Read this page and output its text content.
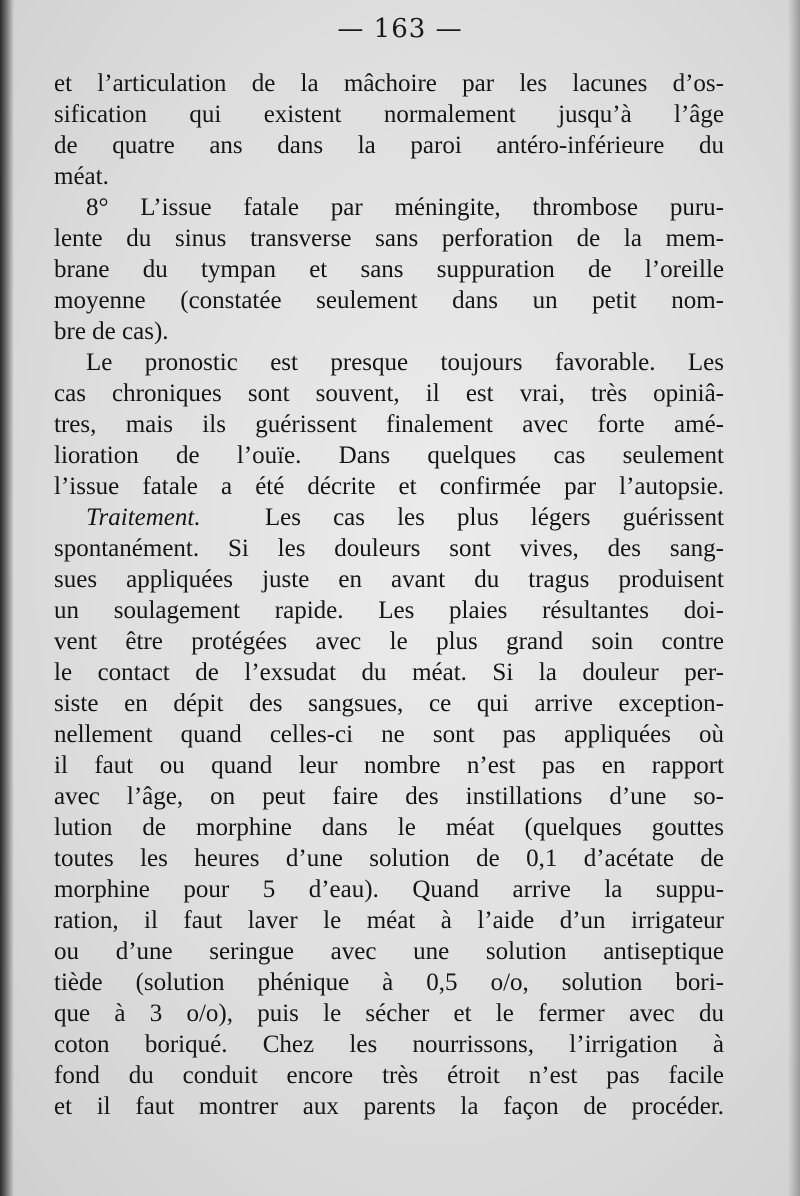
— 163 —
et l’articulation de la mâchoire par les lacunes d’os-
sification qui existent normalement jusqu’à l’âge
de quatre ans dans la paroi antéro-inférieure du
méat.
8° L’issue fatale par méningite, thrombose puru-
lente du sinus transverse sans perforation de la mem-
brane du tympan et sans suppuration de l’oreille
moyenne (constatée seulement dans un petit nom-
bre de cas).
Le pronostic est presque toujours favorable. Les
cas chroniques sont souvent, il est vrai, très opiniâ-
tres, mais ils guérissent finalement avec forte amé-
lioration de l’ouïe. Dans quelques cas seulement
l’issue fatale a été décrite et confirmée par l’autopsie.
Traitement.	Les cas les plus légers guérissent
spontanément. Si les douleurs sont vives, des sang-
sues appliquées juste en avant du tragus produisent
un soulagement rapide. Les plaies résultantes doi-
vent être protégées avec le plus grand soin contre
le contact de l’exsudat du méat. Si la douleur per-
siste en dépit des sangsues, ce qui arrive exception-
nellement quand celles-ci ne sont pas appliquées où
il faut ou quand leur nombre n’est pas en rapport
avec l’âge, on peut faire des instillations d’une so-
lution de morphine dans le méat (quelques gouttes
toutes les heures d’une solution de 0,1 d’acétate de
morphine pour 5 d’eau). Quand arrive la suppu-
ration, il faut laver le méat à l’aide d’un irrigateur
ou d’une seringue avec une solution antiseptique
tiède (solution phénique à 0,5 o/o, solution bori-
que à 3 o/o), puis le sécher et le fermer avec du
coton boriqué. Chez les nourrissons, l’irrigation à
fond du conduit encore très étroit n’est pas facile
et il faut montrer aux parents la façon de procéder.
